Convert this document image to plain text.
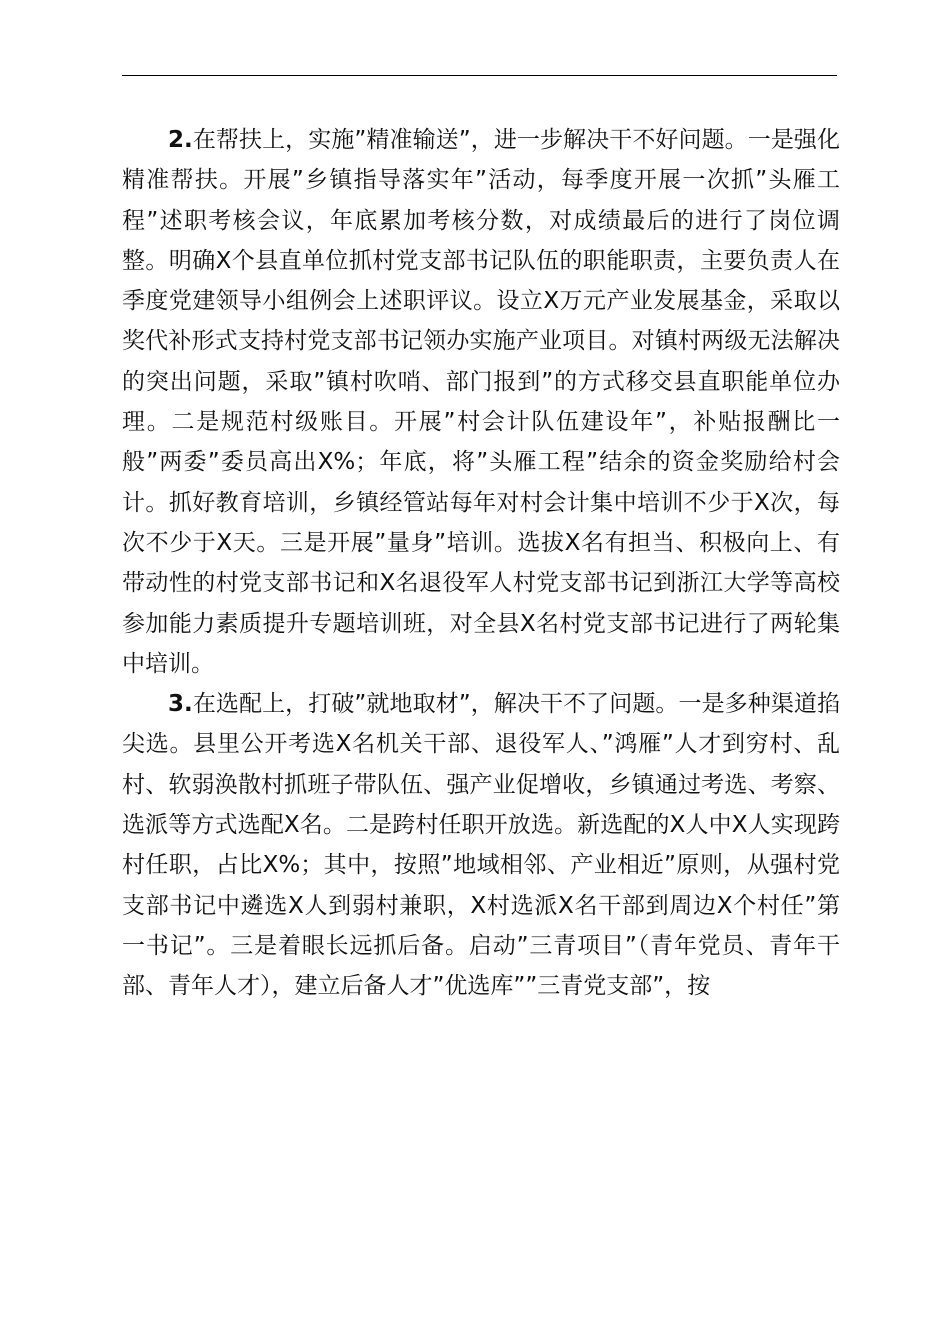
2.在帮扶上，实施”精准输送”，进一步解决干不好问题。一是强化精准帮扶。开展”乡镇指导落实年”活动，每季度开展一次抓”头雁工程”述职考核会议，年底累加考核分数，对成绩最后的进行了岗位调整。明确X个县直单位抓村党支部书记队伍的职能职责，主要负责人在季度党建领导小组例会上述职评议。设立X万元产业发展基金，采取以奖代补形式支持村党支部书记领办实施产业项目。对镇村两级无法解决的突出问题，采取”镇村吹哨、部门报到”的方式移交县直职能单位办理。二是规范村级账目。开展”村会计队伍建设年”，补贴报酬比一般”两委”委员高出X%；年底，将”头雁工程”结余的资金奖励给村会计。抓好教育培训，乡镇经管站每年对村会计集中培训不少于X次，每次不少于X天。三是开展”量身”培训。选拔X名有担当、积极向上、有带动性的村党支部书记和X名退役军人村党支部书记到浙江大学等高校参加能力素质提升专题培训班，对全县X名村党支部书记进行了两轮集中培训。

3.在选配上，打破”就地取材”，解决干不了问题。一是多种渠道掐尖选。县里公开考选X名机关干部、退役军人、”鸿雁”人才到穷村、乱村、软弱涣散村抓班子带队伍、强产业促增收，乡镇通过考选、考察、选派等方式选配X名。二是跨村任职开放选。新选配的X人中X人实现跨村任职，占比X%；其中，按照”地域相邻、产业相近”原则，从强村党支部书记中遴选X人到弱村兼职，X村选派X名干部到周边X个村任”第一书记”。三是着眼长远抓后备。启动”三青项目”（青年党员、青年干部、青年人才），建立后备人才”优选库””三青党支部”，按
